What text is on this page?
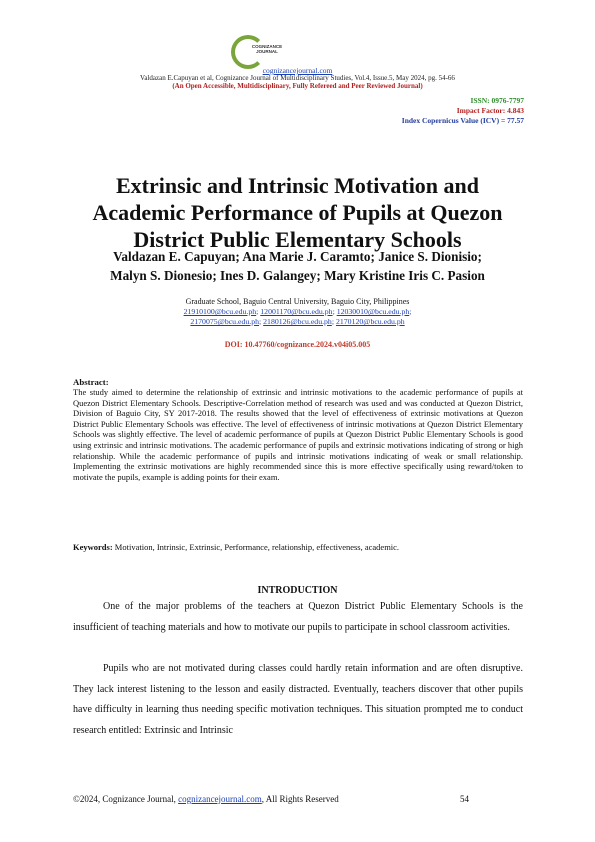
COGNIZANCE JOURNAL
cognizancejournal.com
Valdazan E.Capuyan et al, Cognizance Journal of Multidisciplinary Studies, Vol.4, Issue.5, May 2024, pg. 54-66
(An Open Accessible, Multidisciplinary, Fully Refereed and Peer Reviewed Journal)
ISSN: 0976-7797
Impact Factor: 4.843
Index Copernicus Value (ICV) = 77.57
Extrinsic and Intrinsic Motivation and
Academic Performance of Pupils at Quezon
District Public Elementary Schools
Valdazan E. Capuyan; Ana Marie J. Caramto; Janice S. Dionisio;
Malyn S. Dionesio; Ines D. Galangey; Mary Kristine Iris C. Pasion
Graduate School, Baguio Central University, Baguio City, Philippines
21910100@bcu.edu.ph; 12001170@bcu.edu.ph; 12030010@bcu.edu.ph;
2170075@bcu.edu.ph; 2180126@bcu.edu.ph; 2170120@bcu.edu.ph
DOI: 10.47760/cognizance.2024.v04i05.005
Abstract:
The study aimed to determine the relationship of extrinsic and intrinsic motivations to the academic performance of pupils at Quezon District Elementary Schools. Descriptive-Correlation method of research was used and was conducted at Quezon District, Division of Baguio City, SY 2017-2018. The results showed that the level of effectiveness of extrinsic motivations at Quezon District Public Elementary Schools was effective. The level of effectiveness of intrinsic motivations at Quezon District Elementary Schools was slightly effective. The level of academic performance of pupils at Quezon District Public Elementary Schools is good using extrinsic and intrinsic motivations. The academic performance of pupils and extrinsic motivations indicating of strong or high relationship. While the academic performance of pupils and intrinsic motivations indicating of weak or small relationship. Implementing the extrinsic motivations are highly recommended since this is more effective specifically using reward/token to motivate the pupils, example is adding points for their exam.
Keywords: Motivation, Intrinsic, Extrinsic, Performance, relationship, effectiveness, academic.
INTRODUCTION
One of the major problems of the teachers at Quezon District Public Elementary Schools is the insufficient of teaching materials and how to motivate our pupils to participate in school classroom activities.
Pupils who are not motivated during classes could hardly retain information and are often disruptive. They lack interest listening to the lesson and easily distracted. Eventually, teachers discover that other pupils have difficulty in learning thus needing specific motivation techniques. This situation prompted me to conduct research entitled: Extrinsic and Intrinsic
©2024, Cognizance Journal, cognizancejournal.com, All Rights Reserved	54
